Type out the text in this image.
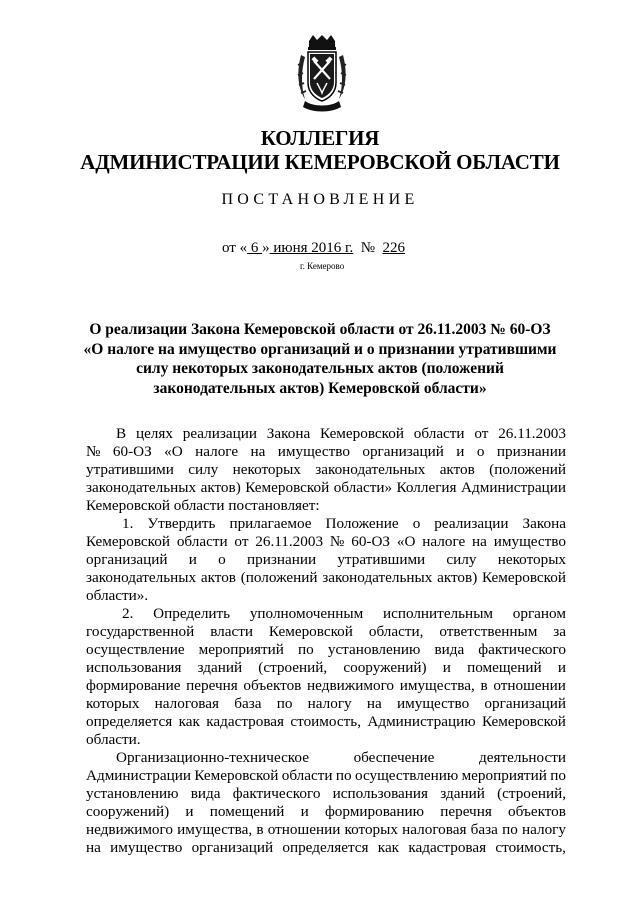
КОЛЛЕГИЯ
АДМИНИСТРАЦИИ КЕМЕРОВСКОЙ ОБЛАСТИ
ПОСТАНОВЛЕНИЕ
от « 6 » июня 2016 г.  №  226
г. Кемерово
О реализации Закона Кемеровской области от 26.11.2003 № 60-ОЗ
«О налоге на имущество организаций и о признании утратившими
силу некоторых законодательных актов (положений
законодательных актов) Кемеровской области»
В целях реализации Закона Кемеровской области от 26.11.2003
№ 60-ОЗ «О налоге на имущество организаций и о признании
утратившими силу некоторых законодательных актов (положений
законодательных актов) Кемеровской области» Коллегия Администрации
Кемеровской области постановляет:
1. Утвердить прилагаемое Положение о реализации Закона
Кемеровской области от 26.11.2003 № 60-ОЗ «О налоге на имущество
организаций и о признании утратившими силу некоторых
законодательных актов (положений законодательных актов) Кемеровской
области».
2. Определить уполномоченным исполнительным органом
государственной власти Кемеровской области, ответственным за
осуществление мероприятий по установлению вида фактического
использования зданий (строений, сооружений) и помещений и
формирование перечня объектов недвижимого имущества, в отношении
которых налоговая база по налогу на имущество организаций
определяется как кадастровая стоимость, Администрацию Кемеровской
области.
Организационно-техническое	обеспечение	деятельности
Администрации Кемеровской области по осуществлению мероприятий по
установлению вида фактического использования зданий (строений,
сооружений) и помещений и формированию перечня объектов
недвижимого имущества, в отношении которых налоговая база по налогу
на имущество организаций определяется как кадастровая стоимость,
